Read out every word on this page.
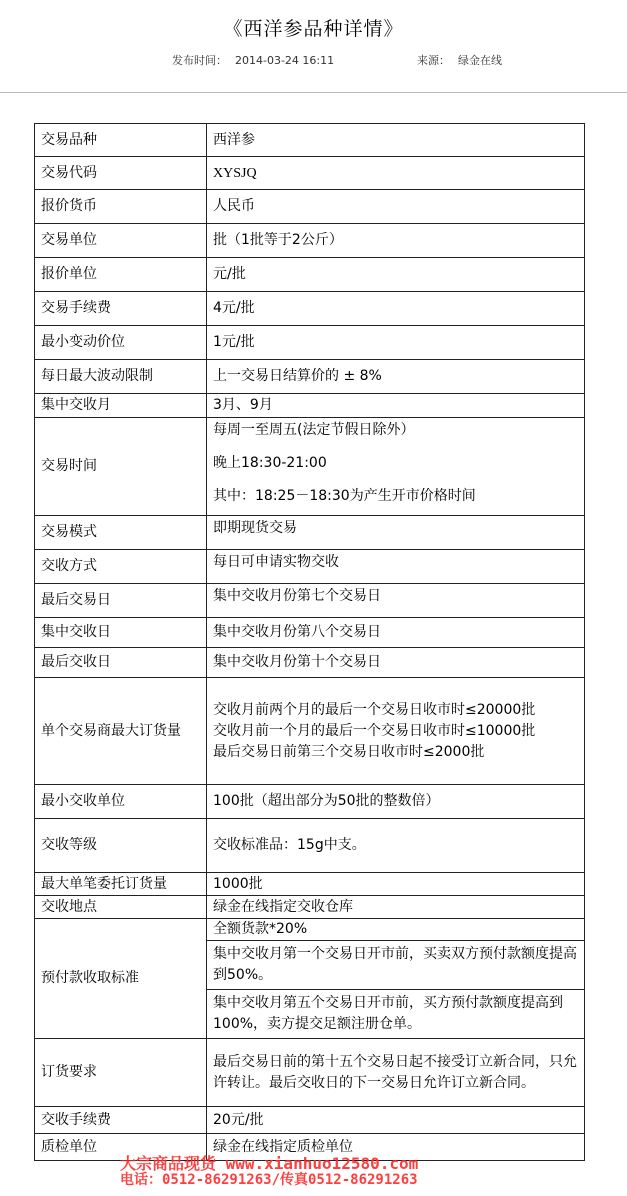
《西洋参品种详情》
发布时间： 2014-03-24 16:11	来源： 绿金在线
交易品种	西洋参
交易代码	XYSJQ
报价货币	人民币
交易单位	批（1批等于2公斤）
报价单位	元/批
交易手续费	4元/批
最小变动价位	1元/批
每日最大波动限制	上一交易日结算价的 ± 8%
集中交收月	3月、9月
交易时间	每周一至周五(法定节假日除外）
晚上18:30-21:00
其中：18:25－18:30为产生开市价格时间

交易模式	即期现货交易
交收方式	每日可申请实物交收
最后交易日	集中交收月份第七个交易日
集中交收日	集中交收月份第八个交易日
最后交收日	集中交收月份第十个交易日
单个交易商最大订货量	交收月前两个月的最后一个交易日收市时≤20000批
交收月前一个月的最后一个交易日收市时≤10000批
最后交易日前第三个交易日收市时≤2000批

最小交收单位	100批（超出部分为50批的整数倍）
交收等级	交收标准品：15g中支。
最大单笔委托订货量	1000批
交收地点	绿金在线指定交收仓库
预付款收取标准	全额货款*20%
	集中交收月第一个交易日开市前，买卖双方预付款额度提高到50%。
	集中交收月第五个交易日开市前，买方预付款额度提高到100%，卖方提交足额注册仓单。
订货要求	最后交易日前的第十五个交易日起不接受订立新合同，只允许转让。最后交收日的下一交易日允许订立新合同。
交收手续费	20元/批
质检单位	绿金在线指定质检单位
大宗商品现货 www.xianhuo12580.com
电话：0512-86291263/传真0512-86291263
